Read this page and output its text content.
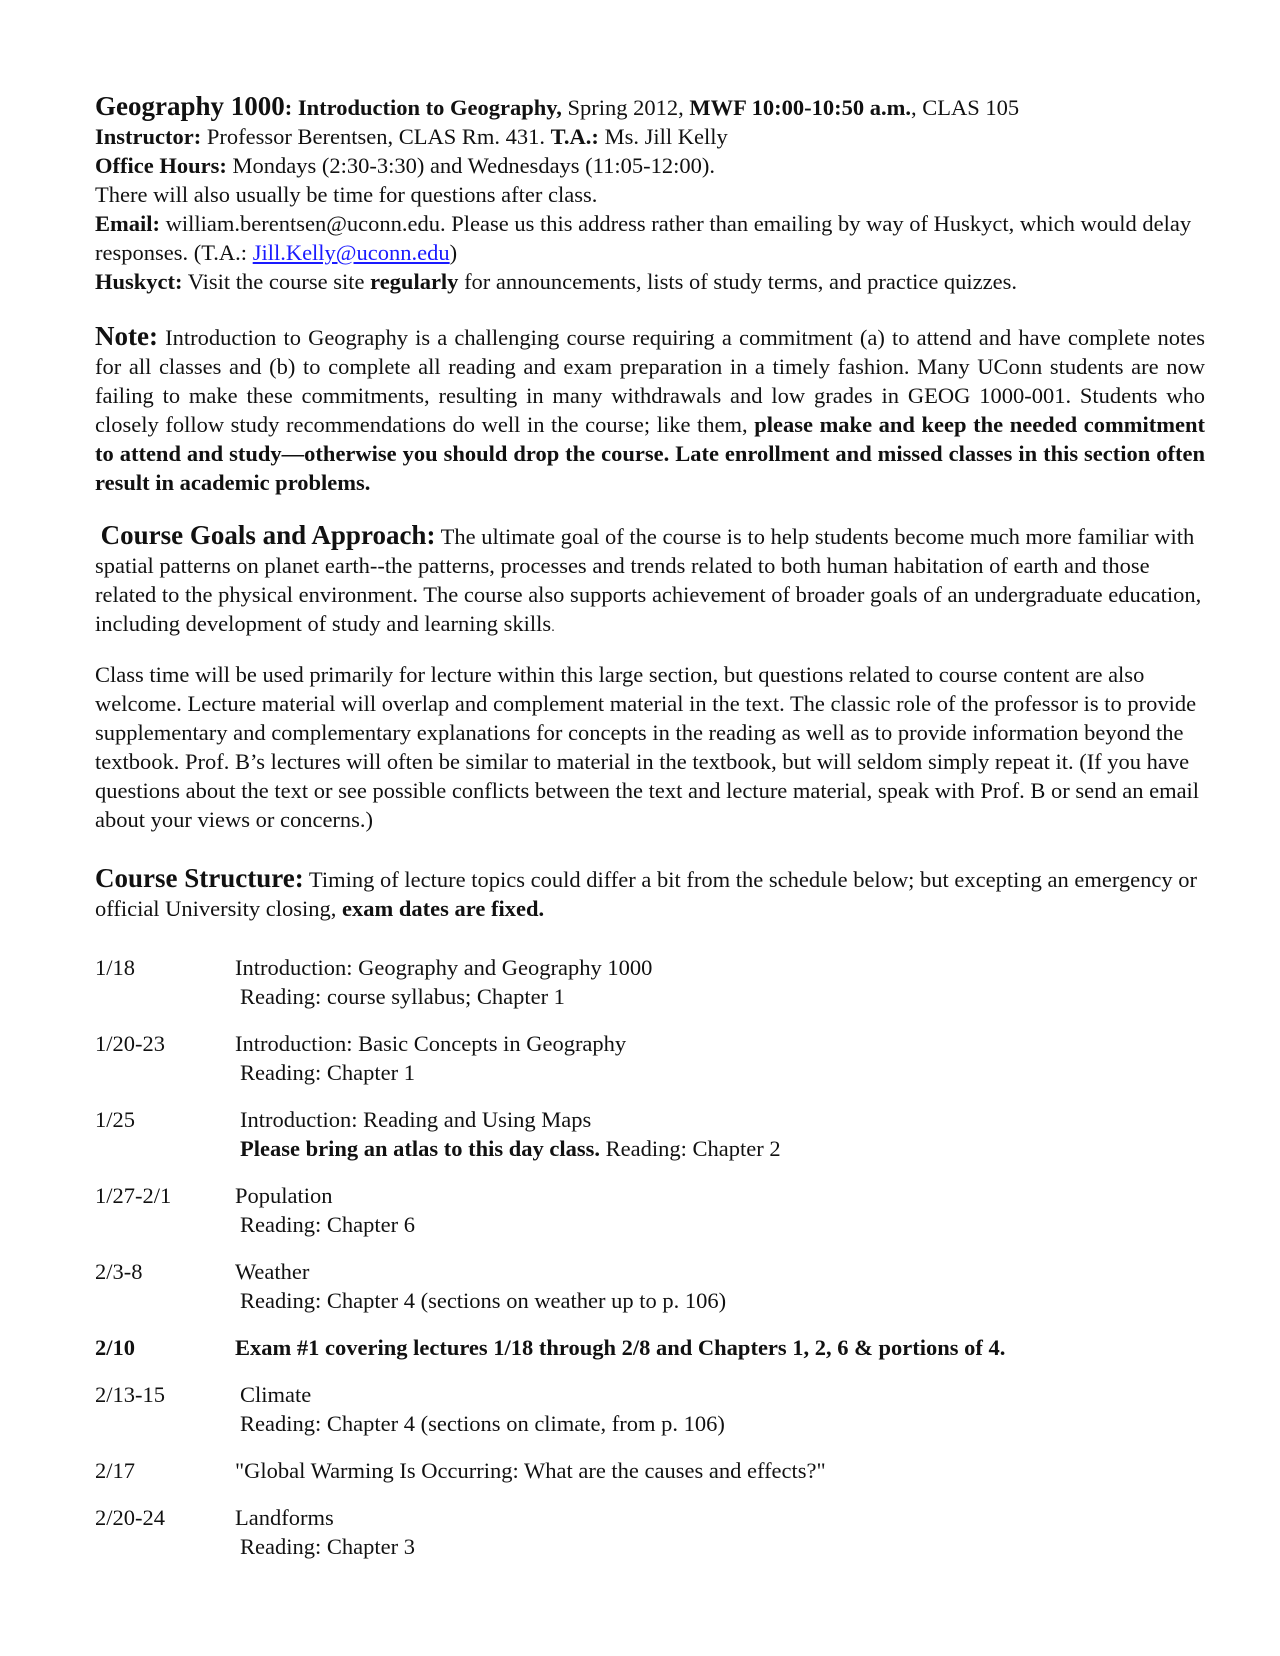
Geography 1000: Introduction to Geography, Spring 2012, MWF 10:00-10:50 a.m., CLAS 105

Instructor: Professor Berentsen, CLAS Rm. 431. T.A.: Ms. Jill Kelly

Office Hours: Mondays (2:30-3:30) and Wednesdays (11:05-12:00).

There will also usually be time for questions after class.

Email: william.berentsen@uconn.edu. Please us this address rather than emailing by way of Huskyct, which would delay responses. (T.A.: Jill.Kelly@uconn.edu)

Huskyct: Visit the course site regularly for announcements, lists of study terms, and practice quizzes.

Note: Introduction to Geography is a challenging course requiring a commitment (a) to attend and have complete notes for all classes and (b) to complete all reading and exam preparation in a timely fashion. Many UConn students are now failing to make these commitments, resulting in many withdrawals and low grades in GEOG 1000-001. Students who closely follow study recommendations do well in the course; like them, please make and keep the needed commitment to attend and study—otherwise you should drop the course. Late enrollment and missed classes in this section often result in academic problems.

Course Goals and Approach: The ultimate goal of the course is to help students become much more familiar with spatial patterns on planet earth--the patterns, processes and trends related to both human habitation of earth and those related to the physical environment. The course also supports achievement of broader goals of an undergraduate education, including development of study and learning skills.

Class time will be used primarily for lecture within this large section, but questions related to course content are also welcome. Lecture material will overlap and complement material in the text. The classic role of the professor is to provide supplementary and complementary explanations for concepts in the reading as well as to provide information beyond the textbook. Prof. B’s lectures will often be similar to material in the textbook, but will seldom simply repeat it. (If you have questions about the text or see possible conflicts between the text and lecture material, speak with Prof. B or send an email about your views or concerns.)

Course Structure: Timing of lecture topics could differ a bit from the schedule below; but excepting an emergency or official University closing, exam dates are fixed.

1/18	Introduction: Geography and Geography 1000
Reading: course syllabus; Chapter 1
1/20-23	Introduction: Basic Concepts in Geography
Reading: Chapter 1
1/25	Introduction: Reading and Using Maps
Please bring an atlas to this day class. Reading: Chapter 2
1/27-2/1	Population
Reading: Chapter 6
2/3-8	Weather
Reading: Chapter 4 (sections on weather up to p. 106)
2/10	Exam #1 covering lectures 1/18 through 2/8 and Chapters 1, 2, 6 & portions of 4.
2/13-15	Climate
Reading: Chapter 4 (sections on climate, from p. 106)
2/17	"Global Warming Is Occurring: What are the causes and effects?"
2/20-24	Landforms
Reading: Chapter 3
